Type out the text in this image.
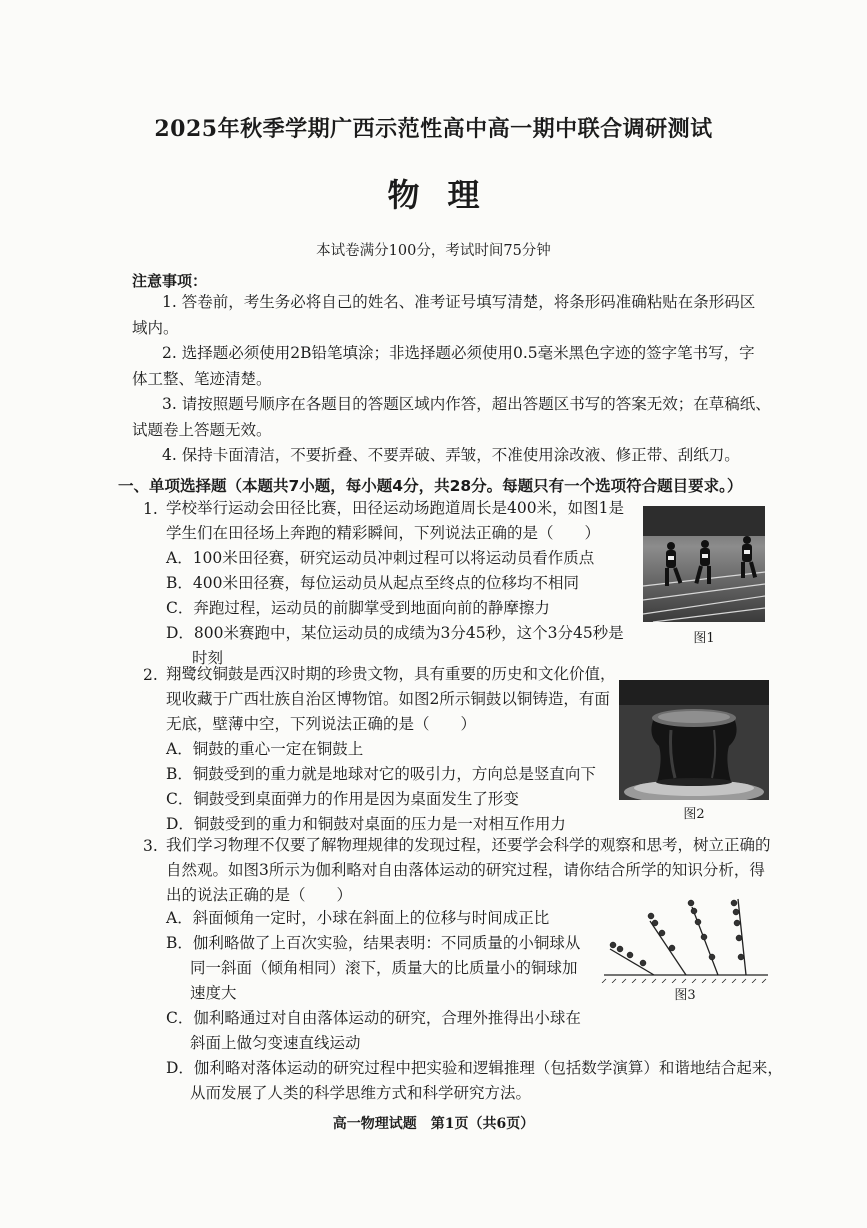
2025年秋季学期广西示范性高中高一期中联合调研测试
物理
本试卷满分100分，考试时间75分钟
注意事项：
1. 答卷前，考生务必将自己的姓名、准考证号填写清楚，将条形码准确粘贴在条形码区
域内。
2. 选择题必须使用2B铅笔填涂；非选择题必须使用0.5毫米黑色字迹的签字笔书写，字
体工整、笔迹清楚。
3. 请按照题号顺序在各题目的答题区域内作答，超出答题区书写的答案无效；在草稿纸、
试题卷上答题无效。
4. 保持卡面清洁，不要折叠、不要弄破、弄皱，不准使用涂改液、修正带、刮纸刀。
一、单项选择题（本题共7小题，每小题4分，共28分。每题只有一个选项符合题目要求。）
1. 学校举行运动会田径比赛，田径运动场跑道周长是400米，如图1是
学生们在田径场上奔跑的精彩瞬间，下列说法正确的是（　　）
A．100米田径赛，研究运动员冲刺过程可以将运动员看作质点
B．400米田径赛，每位运动员从起点至终点的位移均不相同
C．奔跑过程，运动员的前脚掌受到地面向前的静摩擦力
D．800米赛跑中，某位运动员的成绩为3分45秒，这个3分45秒是
时刻
图1
2. 翔鹭纹铜鼓是西汉时期的珍贵文物，具有重要的历史和文化价值，
现收藏于广西壮族自治区博物馆。如图2所示铜鼓以铜铸造，有面
无底，壁薄中空，下列说法正确的是（　　）
A．铜鼓的重心一定在铜鼓上
B．铜鼓受到的重力就是地球对它的吸引力，方向总是竖直向下
C．铜鼓受到桌面弹力的作用是因为桌面发生了形变
D．铜鼓受到的重力和铜鼓对桌面的压力是一对相互作用力
图2
3. 我们学习物理不仅要了解物理规律的发现过程，还要学会科学的观察和思考，树立正确的
自然观。如图3所示为伽利略对自由落体运动的研究过程，请你结合所学的知识分析，得
出的说法正确的是（　　）
A．斜面倾角一定时，小球在斜面上的位移与时间成正比
B．伽利略做了上百次实验，结果表明：不同质量的小铜球从
同一斜面（倾角相同）滚下，质量大的比质量小的铜球加
速度大
C．伽利略通过对自由落体运动的研究，合理外推得出小球在
斜面上做匀变速直线运动
D．伽利略对落体运动的研究过程中把实验和逻辑推理（包括数学演算）和谐地结合起来，
从而发展了人类的科学思维方式和科学研究方法。
图3
高一物理试题　第1页（共6页）
